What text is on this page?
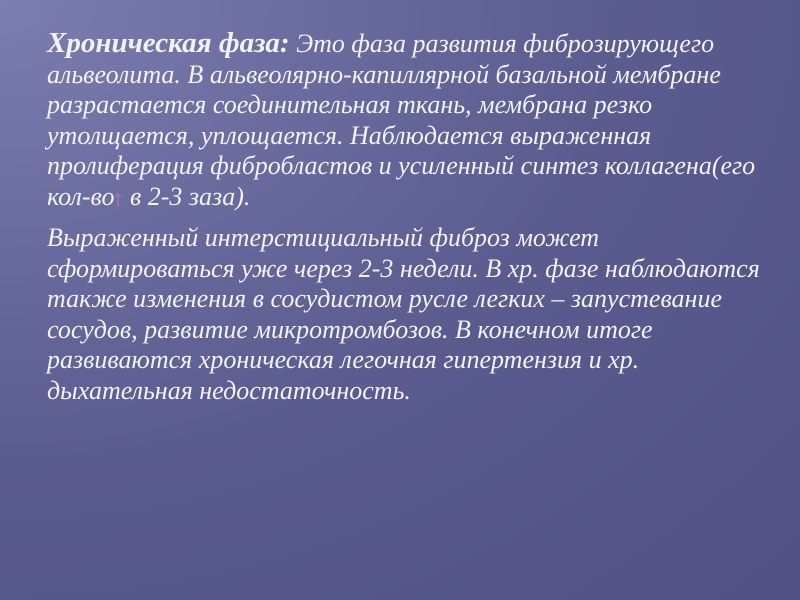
Хроническая фаза: Это фаза развития фиброзирующего альвеолита. В альвеолярно-капиллярной базальной мембране разрастается соединительная ткань, мембрана резко утолщается, уплощается. Наблюдается выраженная пролиферация фибробластов и усиленный синтез коллагена(его кол-во в 2-3 заза).

Выраженный интерстициальный фиброз может сформироваться уже через 2-3 недели. В хр. фазе наблюдаются также изменения в сосудистом русле легких – запустевание сосудов, развитие микротромбозов. В конечном итоге развиваются хроническая легочная гипертензия и хр. дыхательная недостаточность.
